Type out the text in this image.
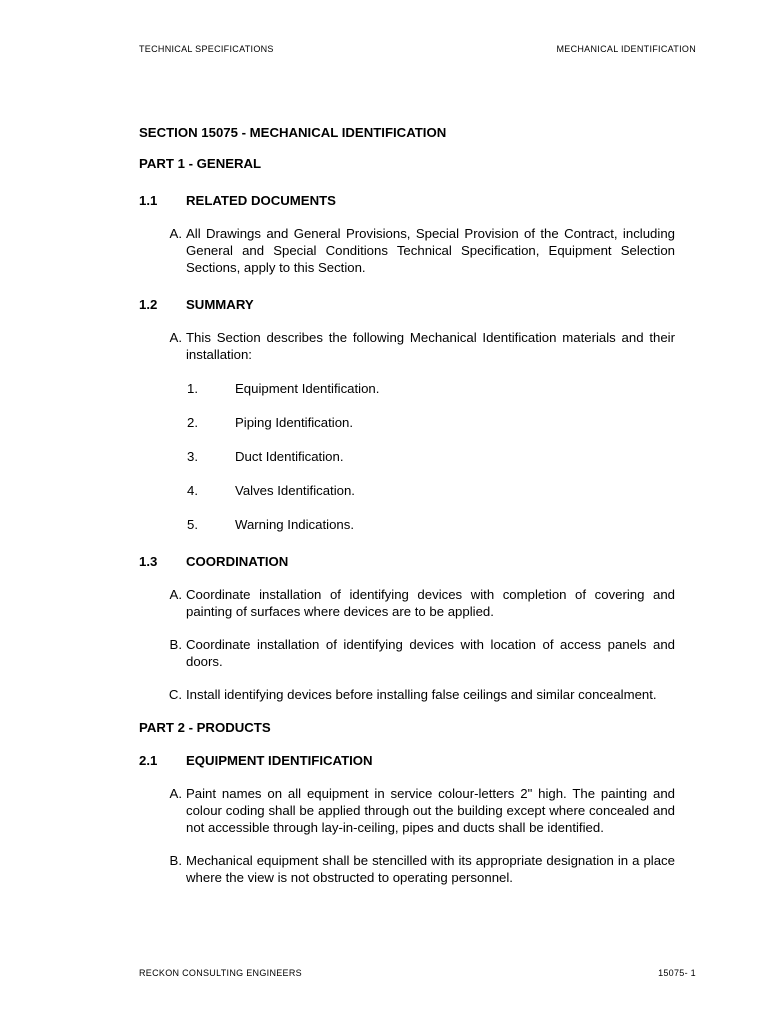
TECHNICAL SPECIFICATIONS	MECHANICAL IDENTIFICATION

SECTION 15075 - MECHANICAL IDENTIFICATION

PART 1 - GENERAL

1.1	RELATED DOCUMENTS
A. All Drawings and General Provisions, Special Provision of the Contract, including General and Special Conditions Technical Specification, Equipment Selection Sections, apply to this Section.
1.2	SUMMARY
A. This Section describes the following Mechanical Identification materials and their installation:
1.	Equipment Identification.
2.	Piping Identification.
3.	Duct Identification.
4.	Valves Identification.
5.	Warning Indications.
1.3	COORDINATION
A. Coordinate installation of identifying devices with completion of covering and painting of surfaces where devices are to be applied.
B. Coordinate installation of identifying devices with location of access panels and doors.
C. Install identifying devices before installing false ceilings and similar concealment.

PART 2 - PRODUCTS

2.1	EQUIPMENT IDENTIFICATION
A. Paint names on all equipment in service colour-letters 2" high. The painting and colour coding shall be applied through out the building except where concealed and not accessible through lay-in-ceiling, pipes and ducts shall be identified.
B. Mechanical equipment shall be stencilled with its appropriate designation in a place where the view is not obstructed to operating personnel.
RECKON CONSULTING ENGINEERS	15075- 1
